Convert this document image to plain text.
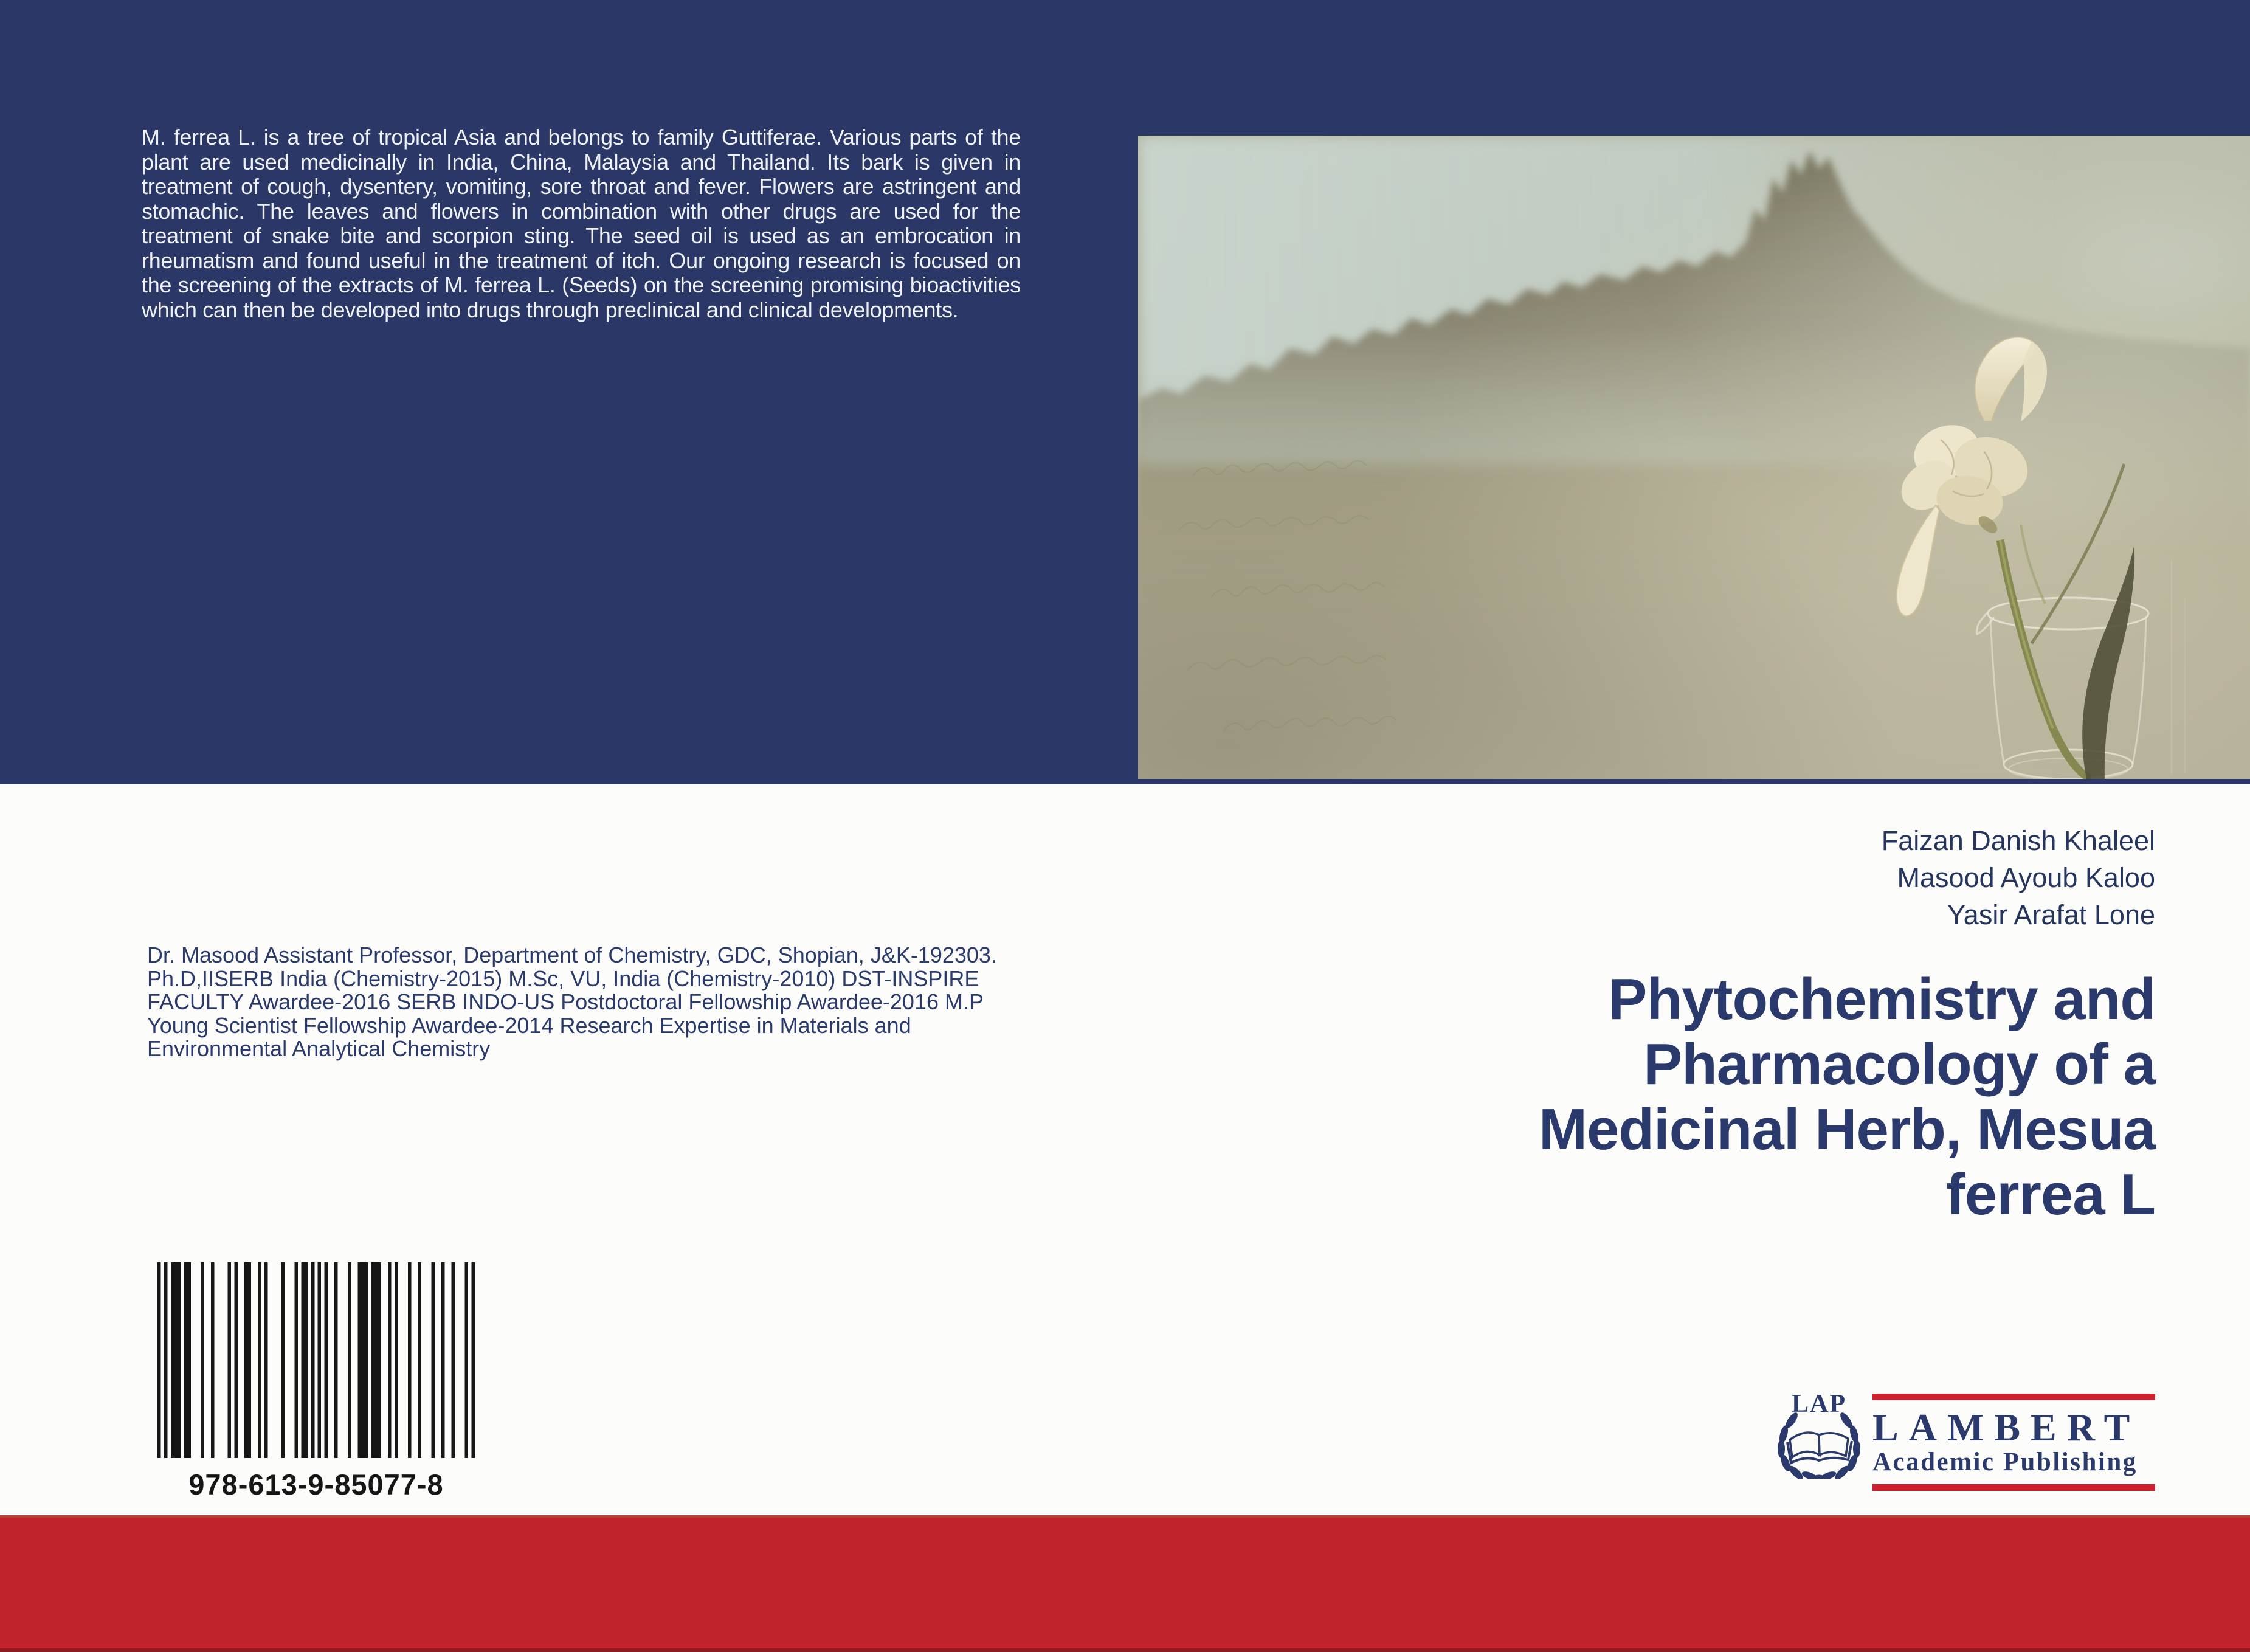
M. ferrea L. is a tree of tropical Asia and belongs to family Guttiferae. Various parts of the plant are used medicinally in India, China, Malaysia and Thailand. Its bark is given in treatment of cough, dysentery, vomiting, sore throat and fever. Flowers are astringent and stomachic. The leaves and flowers in combination with other drugs are used for the treatment of snake bite and scorpion sting. The seed oil is used as an embrocation in rheumatism and found useful in the treatment of itch. Our ongoing research is focused on the screening of the extracts of M. ferrea L. (Seeds) on the screening promising bioactivities which can then be developed into drugs through preclinical and clinical developments.
Faizan Danish Khaleel
Masood Ayoub Kaloo
Yasir Arafat Lone
Phytochemistry and
Pharmacology of a
Medicinal Herb, Mesua
ferrea L
Dr. Masood Assistant Professor, Department of Chemistry, GDC, Shopian, J&K-192303. Ph.D,IISERB India (Chemistry-2015) M.Sc, VU, India (Chemistry-2010) DST-INSPIRE FACULTY Awardee-2016 SERB INDO-US Postdoctoral Fellowship Awardee-2016 M.P Young Scientist Fellowship Awardee-2014 Research Expertise in Materials and Environmental Analytical Chemistry
978-613-9-85077-8
LAP
LAMBERT
Academic Publishing
